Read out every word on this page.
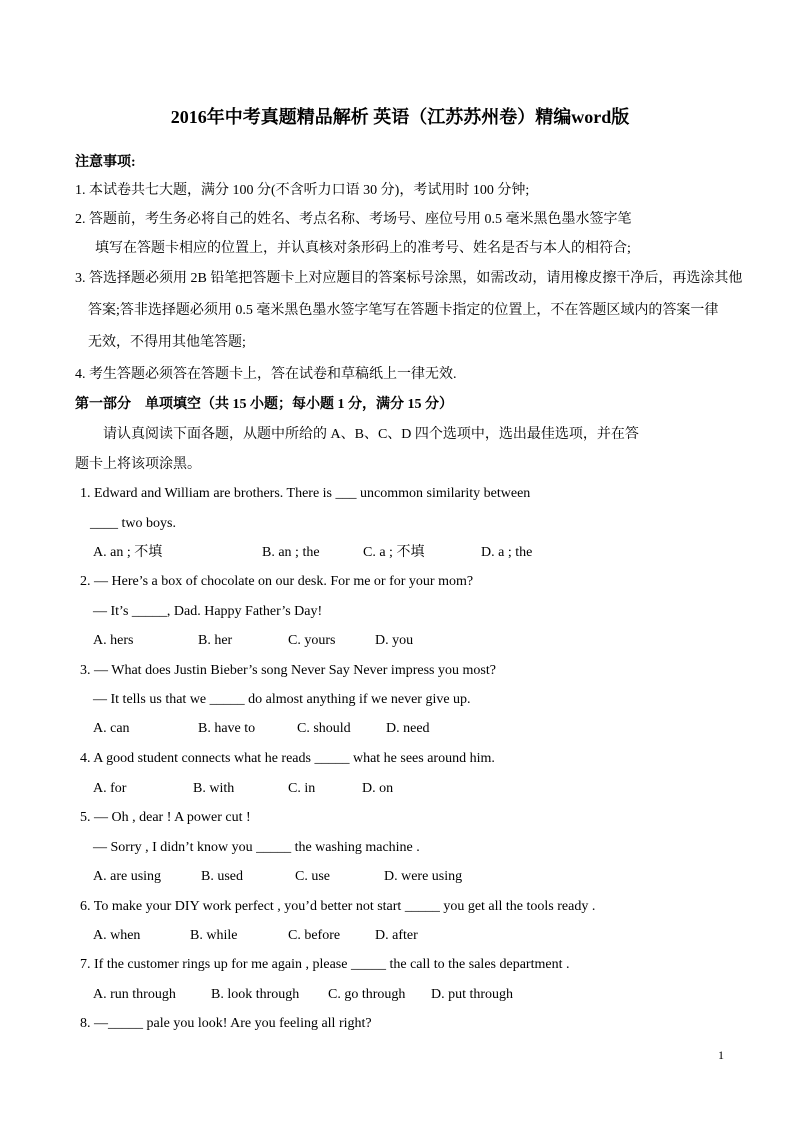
2016年中考真题精品解析 英语（江苏苏州卷）精编word版
注意事项:
1. 本试卷共七大题，满分 100 分(不含听力口语 30 分)，考试用时 100 分钟;
2. 答题前，考生务必将自己的姓名、考点名称、考场号、座位号用 0.5 毫米黑色墨水签字笔
填写在答题卡相应的位置上，并认真核对条形码上的准考号、姓名是否与本人的相符合;
3. 答选择题必须用 2B 铅笔把答题卡上对应题目的答案标号涂黑，如需改动，请用橡皮擦干净后，再选涂其他
答案;答非选择题必须用 0.5 毫米黑色墨水签字笔写在答题卡指定的位置上，不在答题区域内的答案一律
无效，不得用其他笔答题;
4. 考生答题必须答在答题卡上，答在试卷和草稿纸上一律无效.
第一部分　单项填空（共 15 小题；每小题 1 分，满分 15 分）
请认真阅读下面各题，从题中所给的 A、B、C、D 四个选项中，选出最佳选项，并在答
题卡上将该项涂黑。
1. Edward and William are brothers. There is ___ uncommon similarity between
____ two boys.
A. an ; 不填	B. an ; the	C. a ; 不填	D. a ; the
2. — Here’s a box of chocolate on our desk. For me or for your mom?
— It’s _____, Dad. Happy Father’s Day!
A. hers	B. her	C. yours	D. you
3. — What does Justin Bieber’s song Never Say Never impress you most?
— It tells us that we _____ do almost anything if we never give up.
A. can	B. have to	C. should	D. need
4. A good student connects what he reads _____ what he sees around him.
A. for	B. with	C. in	D. on
5. — Oh , dear ! A power cut !
— Sorry , I didn’t know you _____ the washing machine .
A. are using	B. used	C. use	D. were using
6. To make your DIY work perfect , you’d better not start _____ you get all the tools ready .
A. when	B. while	C. before D. after
7. If the customer rings up for me again , please _____ the call to the sales department .
A. run through	B. look through C. go through D. put through
8. —_____ pale you look! Are you feeling all right?
1
